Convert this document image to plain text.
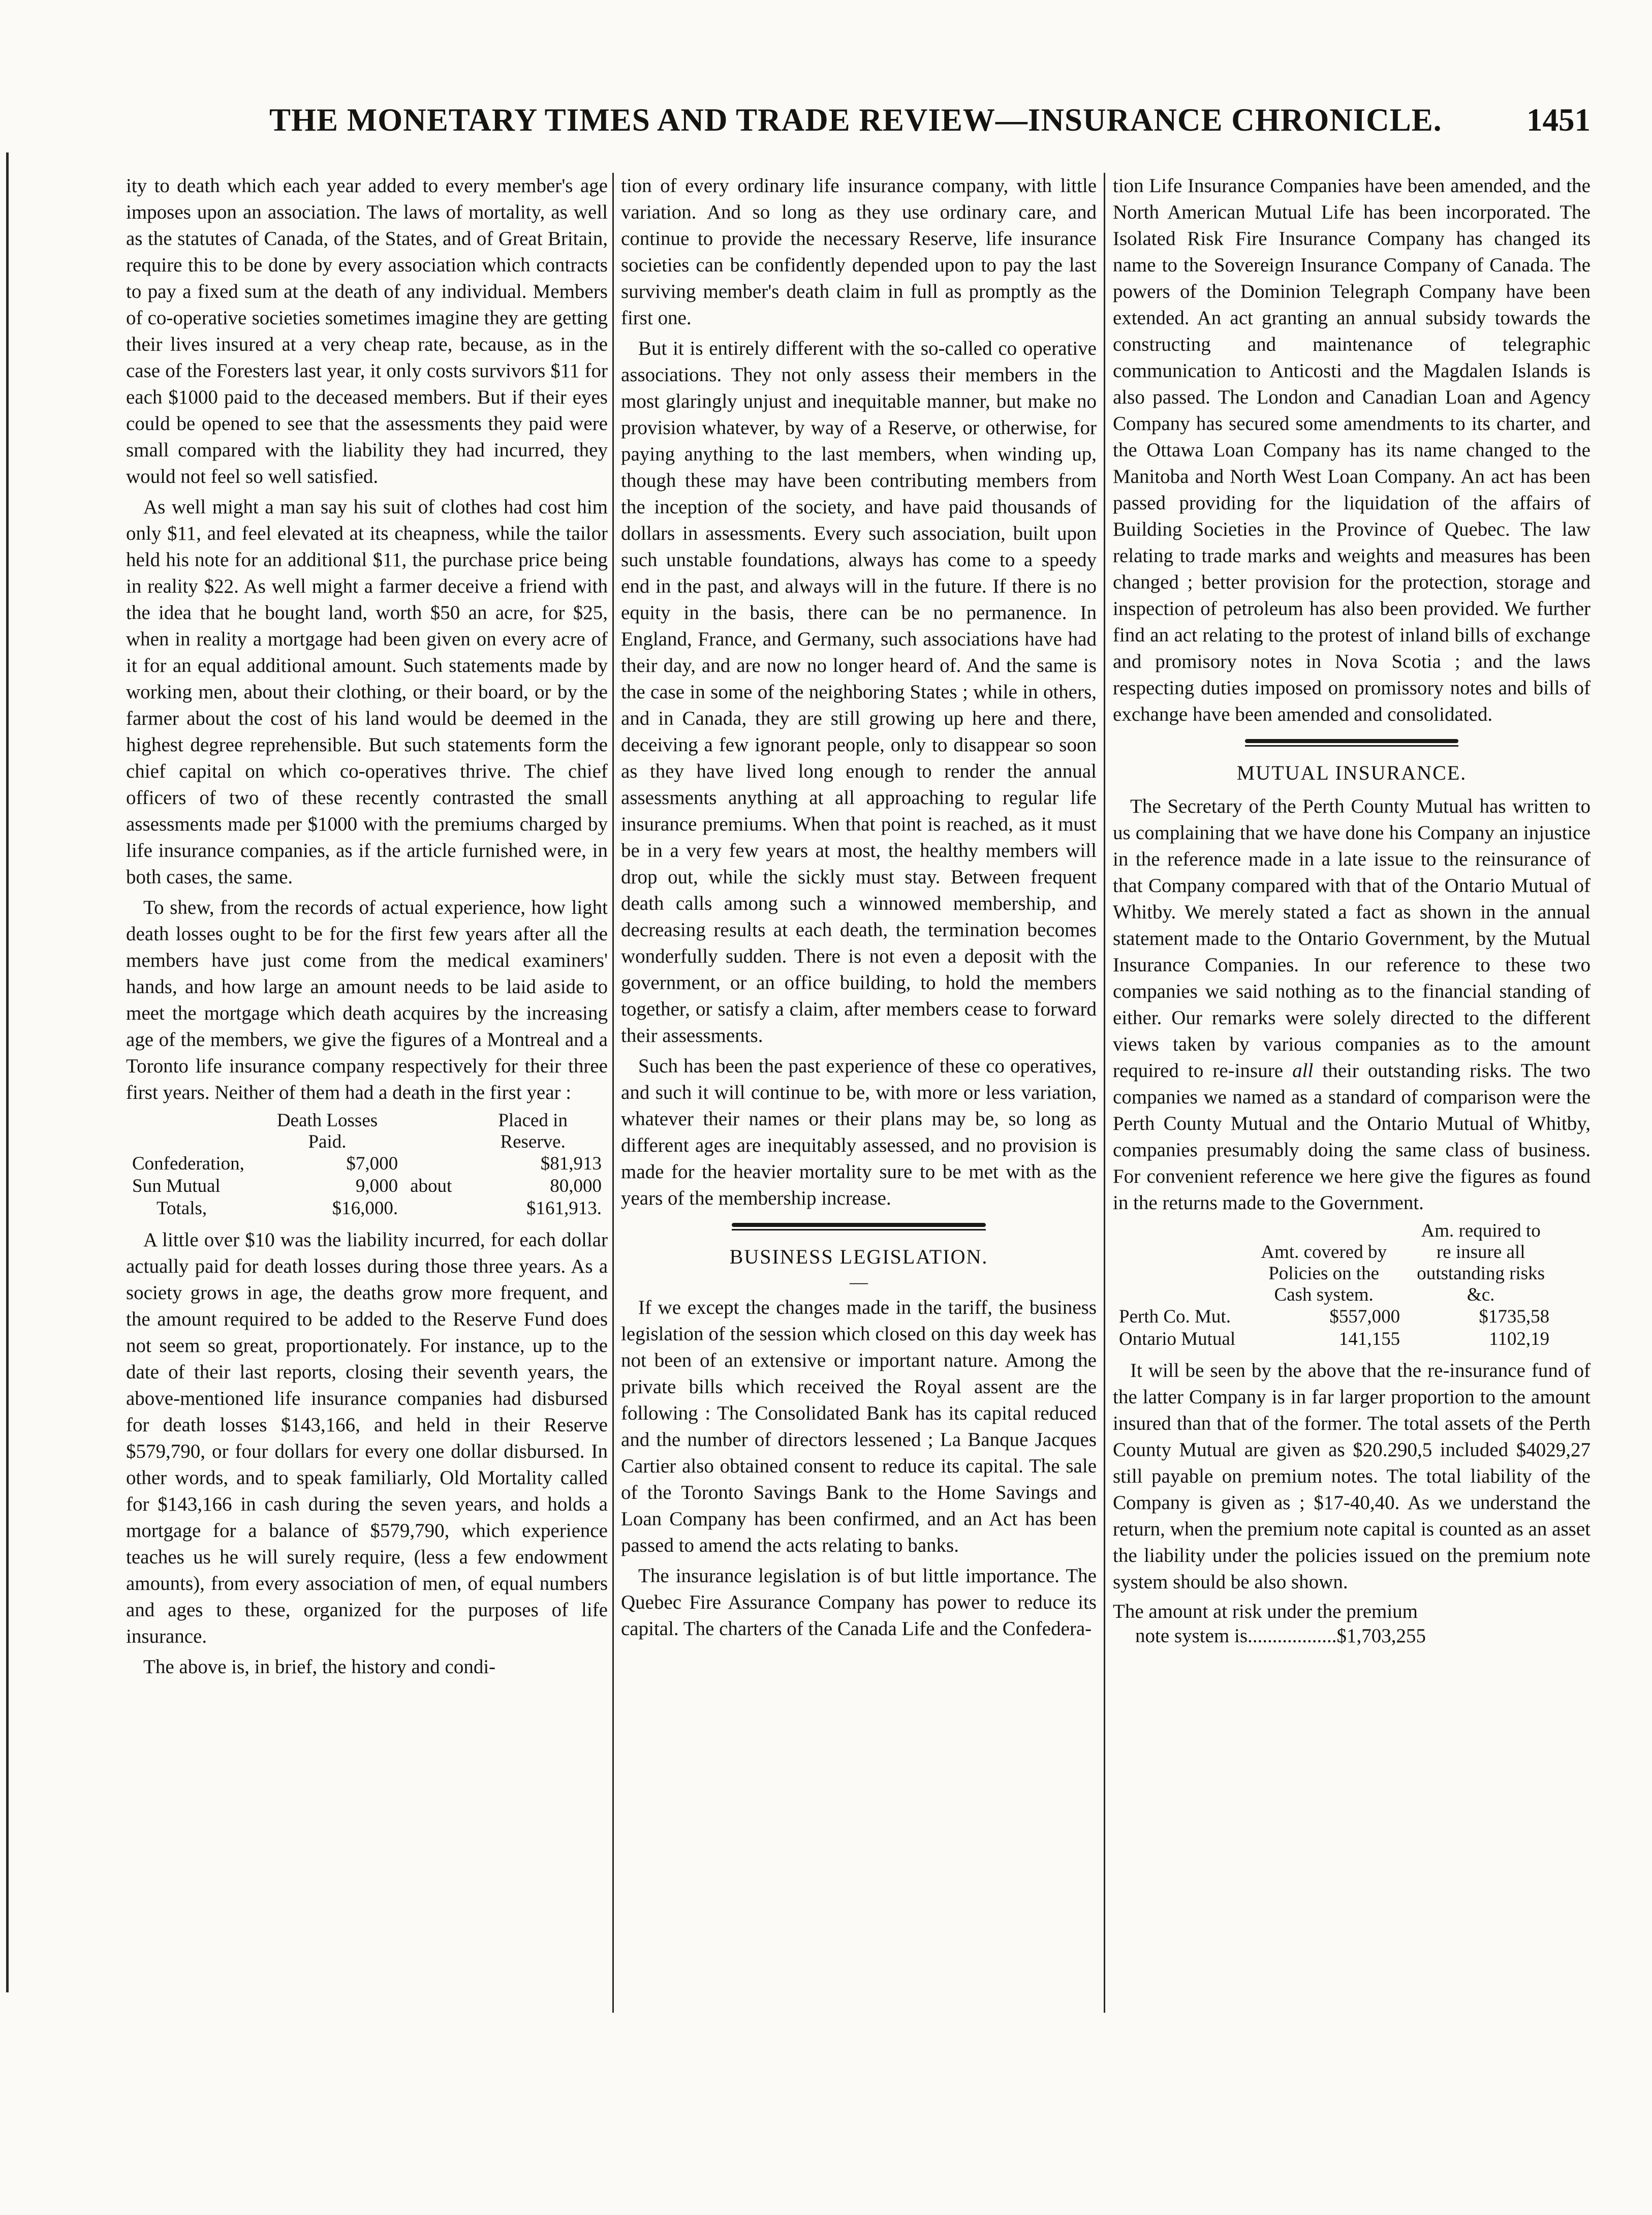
THE MONETARY TIMES AND TRADE REVIEW—INSURANCE CHRONICLE.	1451

ity to death which each year added to every member's age imposes upon an association. The laws of mortality, as well as the statutes of Canada, of the States, and of Great Britain, require this to be done by every association which contracts to pay a fixed sum at the death of any individual. Members of co-operative societies sometimes imagine they are getting their lives insured at a very cheap rate, because, as in the case of the Foresters last year, it only costs survivors $11 for each $1000 paid to the deceased members. But if their eyes could be opened to see that the assessments they paid were small compared with the liability they had incurred, they would not feel so well satisfied.

As well might a man say his suit of clothes had cost him only $11, and feel elevated at its cheapness, while the tailor held his note for an additional $11, the purchase price being in reality $22. As well might a farmer deceive a friend with the idea that he bought land, worth $50 an acre, for $25, when in reality a mortgage had been given on every acre of it for an equal additional amount. Such statements made by working men, about their clothing, or their board, or by the farmer about the cost of his land would be deemed in the highest degree reprehensible. But such statements form the chief capital on which co-operatives thrive. The chief officers of two of these recently contrasted the small assessments made per $1000 with the premiums charged by life insurance companies, as if the article furnished were, in both cases, the same.

To shew, from the records of actual experience, how light death losses ought to be for the first few years after all the members have just come from the medical examiners' hands, and how large an amount needs to be laid aside to meet the mortgage which death acquires by the increasing age of the members, we give the figures of a Montreal and a Toronto life insurance company respectively for their three first years. Neither of them had a death in the first year :

	Death Losses Paid.		Placed in Reserve.
Confederation,	$7,000		$81,913
Sun Mutual	9,000	about	80,000
Totals,	$16,000.		$161,913.

A little over $10 was the liability incurred, for each dollar actually paid for death losses during those three years. As a society grows in age, the deaths grow more frequent, and the amount required to be added to the Reserve Fund does not seem so great, proportionately. For instance, up to the date of their last reports, closing their seventh years, the above-mentioned life insurance companies had disbursed for death losses $143,166, and held in their Reserve $579,790, or four dollars for every one dollar disbursed. In other words, and to speak familiarly, Old Mortality called for $143,166 in cash during the seven years, and holds a mortgage for a balance of $579,790, which experience teaches us he will surely require, (less a few endowment amounts), from every association of men, of equal numbers and ages to these, organized for the purposes of life insurance.

The above is, in brief, the history and condi-

tion of every ordinary life insurance company, with little variation. And so long as they use ordinary care, and continue to provide the necessary Reserve, life insurance societies can be confidently depended upon to pay the last surviving member's death claim in full as promptly as the first one.

But it is entirely different with the so-called co operative associations. They not only assess their members in the most glaringly unjust and inequitable manner, but make no provision whatever, by way of a Reserve, or otherwise, for paying anything to the last members, when winding up, though these may have been contributing members from the inception of the society, and have paid thousands of dollars in assessments. Every such association, built upon such unstable foundations, always has come to a speedy end in the past, and always will in the future. If there is no equity in the basis, there can be no permanence. In England, France, and Germany, such associations have had their day, and are now no longer heard of. And the same is the case in some of the neighboring States ; while in others, and in Canada, they are still growing up here and there, deceiving a few ignorant people, only to disappear so soon as they have lived long enough to render the annual assessments anything at all approaching to regular life insurance premiums. When that point is reached, as it must be in a very few years at most, the healthy members will drop out, while the sickly must stay. Between frequent death calls among such a winnowed membership, and decreasing results at each death, the termination becomes wonderfully sudden. There is not even a deposit with the government, or an office building, to hold the members together, or satisfy a claim, after members cease to forward their assessments.

Such has been the past experience of these co operatives, and such it will continue to be, with more or less variation, whatever their names or their plans may be, so long as different ages are inequitably assessed, and no provision is made for the heavier mortality sure to be met with as the years of the membership increase.

BUSINESS LEGISLATION.
—

If we except the changes made in the tariff, the business legislation of the session which closed on this day week has not been of an extensive or important nature. Among the private bills which received the Royal assent are the following : The Consolidated Bank has its capital reduced and the number of directors lessened ; La Banque Jacques Cartier also obtained consent to reduce its capital. The sale of the Toronto Savings Bank to the Home Savings and Loan Company has been confirmed, and an Act has been passed to amend the acts relating to banks.

The insurance legislation is of but little importance. The Quebec Fire Assurance Company has power to reduce its capital. The charters of the Canada Life and the Confedera-

tion Life Insurance Companies have been amended, and the North American Mutual Life has been incorporated. The Isolated Risk Fire Insurance Company has changed its name to the Sovereign Insurance Company of Canada. The powers of the Dominion Telegraph Company have been extended. An act granting an annual subsidy towards the constructing and maintenance of telegraphic communication to Anticosti and the Magdalen Islands is also passed. The London and Canadian Loan and Agency Company has secured some amendments to its charter, and the Ottawa Loan Company has its name changed to the Manitoba and North West Loan Company. An act has been passed providing for the liquidation of the affairs of Building Societies in the Province of Quebec. The law relating to trade marks and weights and measures has been changed ; better provision for the protection, storage and inspection of petroleum has also been provided. We further find an act relating to the protest of inland bills of exchange and promisory notes in Nova Scotia ; and the laws respecting duties imposed on promissory notes and bills of exchange have been amended and consolidated.

MUTUAL INSURANCE.

The Secretary of the Perth County Mutual has written to us complaining that we have done his Company an injustice in the reference made in a late issue to the reinsurance of that Company compared with that of the Ontario Mutual of Whitby. We merely stated a fact as shown in the annual statement made to the Ontario Government, by the Mutual Insurance Companies. In our reference to these two companies we said nothing as to the financial standing of either. Our remarks were solely directed to the different views taken by various companies as to the amount required to re-insure all their outstanding risks. The two companies we named as a standard of comparison were the Perth County Mutual and the Ontario Mutual of Whitby, companies presumably doing the same class of business. For convenient reference we here give the figures as found in the returns made to the Government.

	Amt. covered by Policies on the Cash system.	Am. required to re insure all outstanding risks &c.
Perth Co. Mut.	$557,000	$1735,58
Ontario Mutual	141,155	1102,19

It will be seen by the above that the re-insurance fund of the latter Company is in far larger proportion to the amount insured than that of the former. The total assets of the Perth County Mutual are given as $20.290,5 included $4029,27 still payable on premium notes. The total liability of the Company is given as ; $17-40,40. As we understand the return, when the premium note capital is counted as an asset the liability under the policies issued on the premium note system should be also shown.

The amount at risk under the premium
note system is..................$1,703,255
